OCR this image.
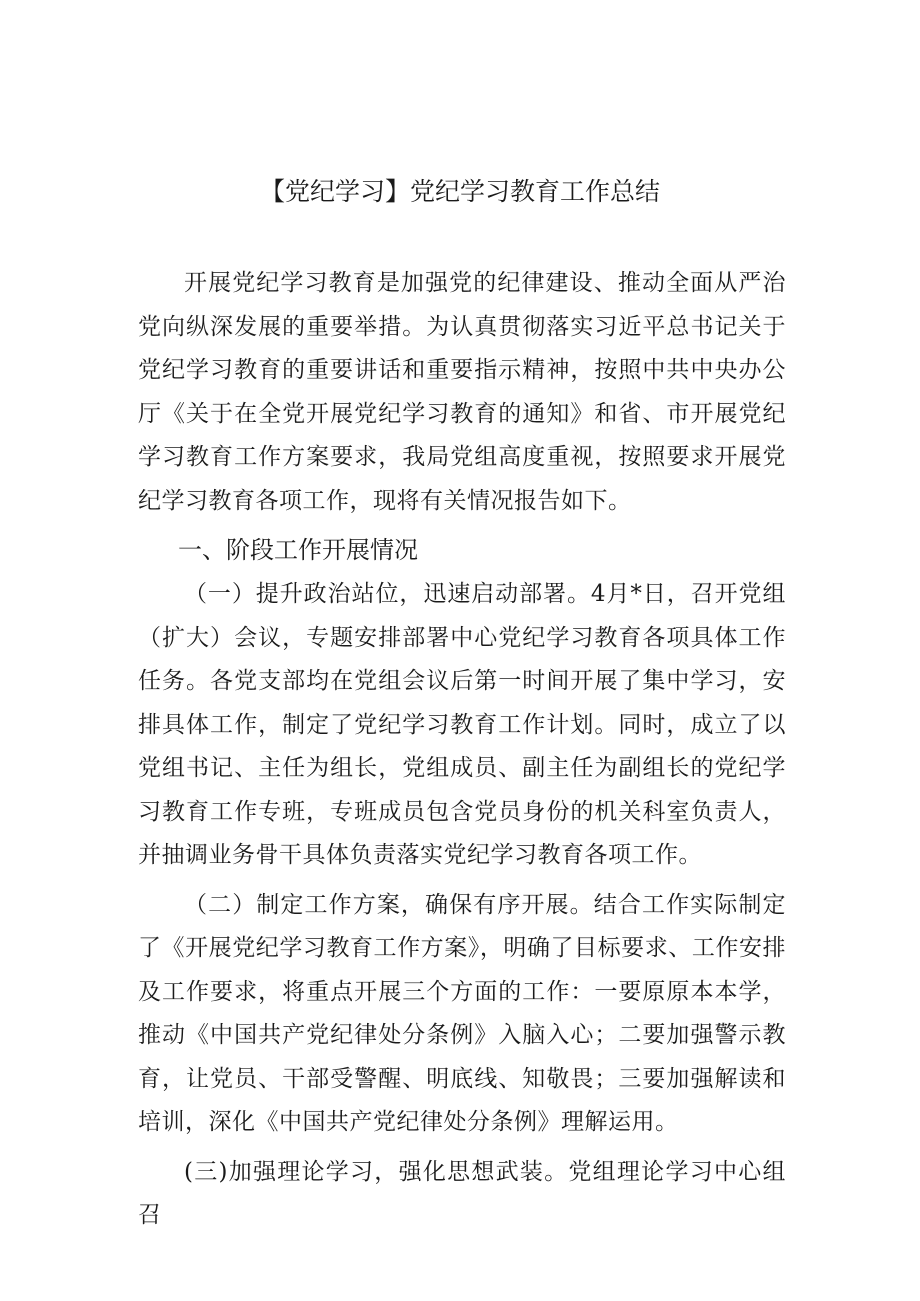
【党纪学习】党纪学习教育工作总结

开展党纪学习教育是加强党的纪律建设、推动全面从严治党向纵深发展的重要举措。为认真贯彻落实习近平总书记关于党纪学习教育的重要讲话和重要指示精神，按照中共中央办公厅《关于在全党开展党纪学习教育的通知》和省、市开展党纪学习教育工作方案要求，我局党组高度重视，按照要求开展党纪学习教育各项工作，现将有关情况报告如下。

一、阶段工作开展情况

（一）提升政治站位，迅速启动部署。4月*日，召开党组（扩大）会议，专题安排部署中心党纪学习教育各项具体工作任务。各党支部均在党组会议后第一时间开展了集中学习，安排具体工作，制定了党纪学习教育工作计划。同时，成立了以党组书记、主任为组长，党组成员、副主任为副组长的党纪学习教育工作专班，专班成员包含党员身份的机关科室负责人，并抽调业务骨干具体负责落实党纪学习教育各项工作。

（二）制定工作方案，确保有序开展。结合工作实际制定了《开展党纪学习教育工作方案》，明确了目标要求、工作安排及工作要求，将重点开展三个方面的工作：一要原原本本学，推动《中国共产党纪律处分条例》入脑入心；二要加强警示教育，让党员、干部受警醒、明底线、知敬畏；三要加强解读和培训，深化《中国共产党纪律处分条例》理解运用。

(三)加强理论学习，强化思想武装。党组理论学习中心组召
